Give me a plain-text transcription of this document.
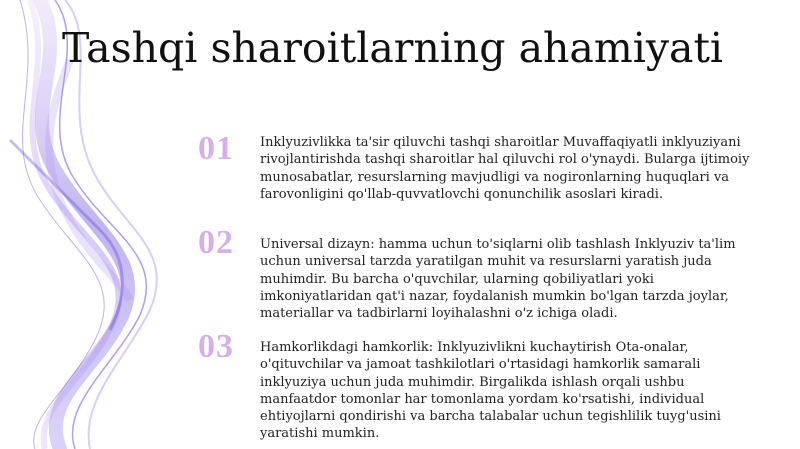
Tashqi sharoitlarning ahamiyati
01 Inklyuzivlikka ta'sir qiluvchi tashqi sharoitlar Muvaffaqiyatli inklyuziyani rivojlantirishda tashqi sharoitlar hal qiluvchi rol o'ynaydi. Bularga ijtimoiy munosabatlar, resurslarning mavjudligi va nogironlarning huquqlari va farovonligini qo'llab-quvvatlovchi qonunchilik asoslari kiradi.

02 Universal dizayn: hamma uchun to'siqlarni olib tashlash Inklyuziv ta'lim uchun universal tarzda yaratilgan muhit va resurslarni yaratish juda muhimdir. Bu barcha o'quvchilar, ularning qobiliyatlari yoki imkoniyatlaridan qat'i nazar, foydalanish mumkin bo'lgan tarzda joylar, materiallar va tadbirlarni loyihalashni o'z ichiga oladi.

03 Hamkorlikdagi hamkorlik: Inklyuzivlikni kuchaytirish Ota-onalar, o'qituvchilar va jamoat tashkilotlari o'rtasidagi hamkorlik samarali inklyuziya uchun juda muhimdir. Birgalikda ishlash orqali ushbu manfaatdor tomonlar har tomonlama yordam ko'rsatishi, individual ehtiyojlarni qondirishi va barcha talabalar uchun tegishlilik tuyg'usini yaratishi mumkin.
